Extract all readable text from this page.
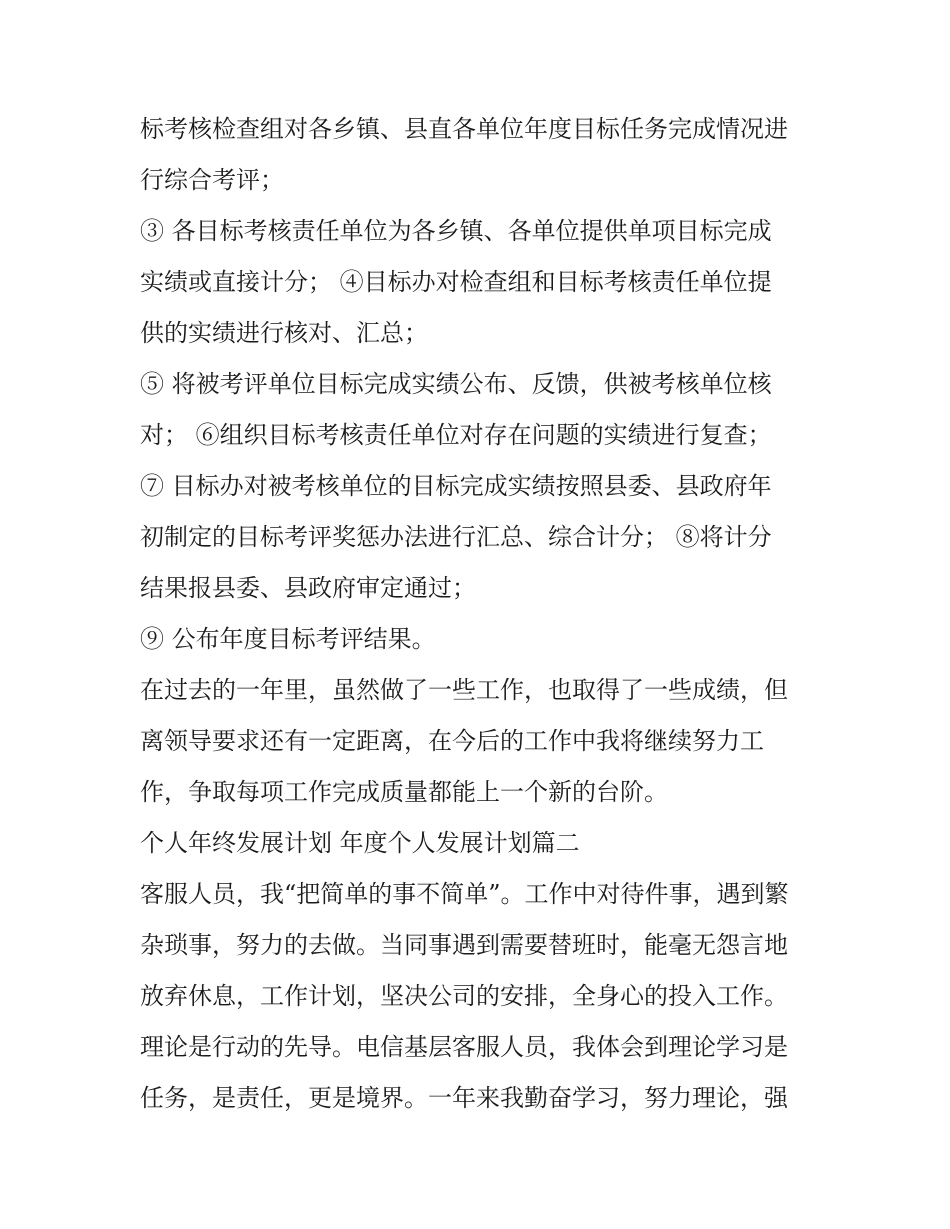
标考核检查组对各乡镇、县直各单位年度目标任务完成情况进
行综合考评；
③ 各目标考核责任单位为各乡镇、各单位提供单项目标完成
实绩或直接计分； ④目标办对检查组和目标考核责任单位提
供的实绩进行核对、汇总；
⑤ 将被考评单位目标完成实绩公布、反馈，供被考核单位核
对； ⑥组织目标考核责任单位对存在问题的实绩进行复查；
⑦ 目标办对被考核单位的目标完成实绩按照县委、县政府年
初制定的目标考评奖惩办法进行汇总、综合计分； ⑧将计分
结果报县委、县政府审定通过；
⑨ 公布年度目标考评结果。
在过去的一年里，虽然做了一些工作，也取得了一些成绩，但
离领导要求还有一定距离，在今后的工作中我将继续努力工
作，争取每项工作完成质量都能上一个新的台阶。
个人年终发展计划 年度个人发展计划篇二
客服人员，我“把简单的事不简单”。工作中对待件事，遇到繁
杂琐事，努力的去做。当同事遇到需要替班时，能毫无怨言地
放弃休息，工作计划，坚决公司的安排，全身心的投入工作。
理论是行动的先导。电信基层客服人员，我体会到理论学习是
任务，是责任，更是境界。一年来我勤奋学习，努力理论，强
